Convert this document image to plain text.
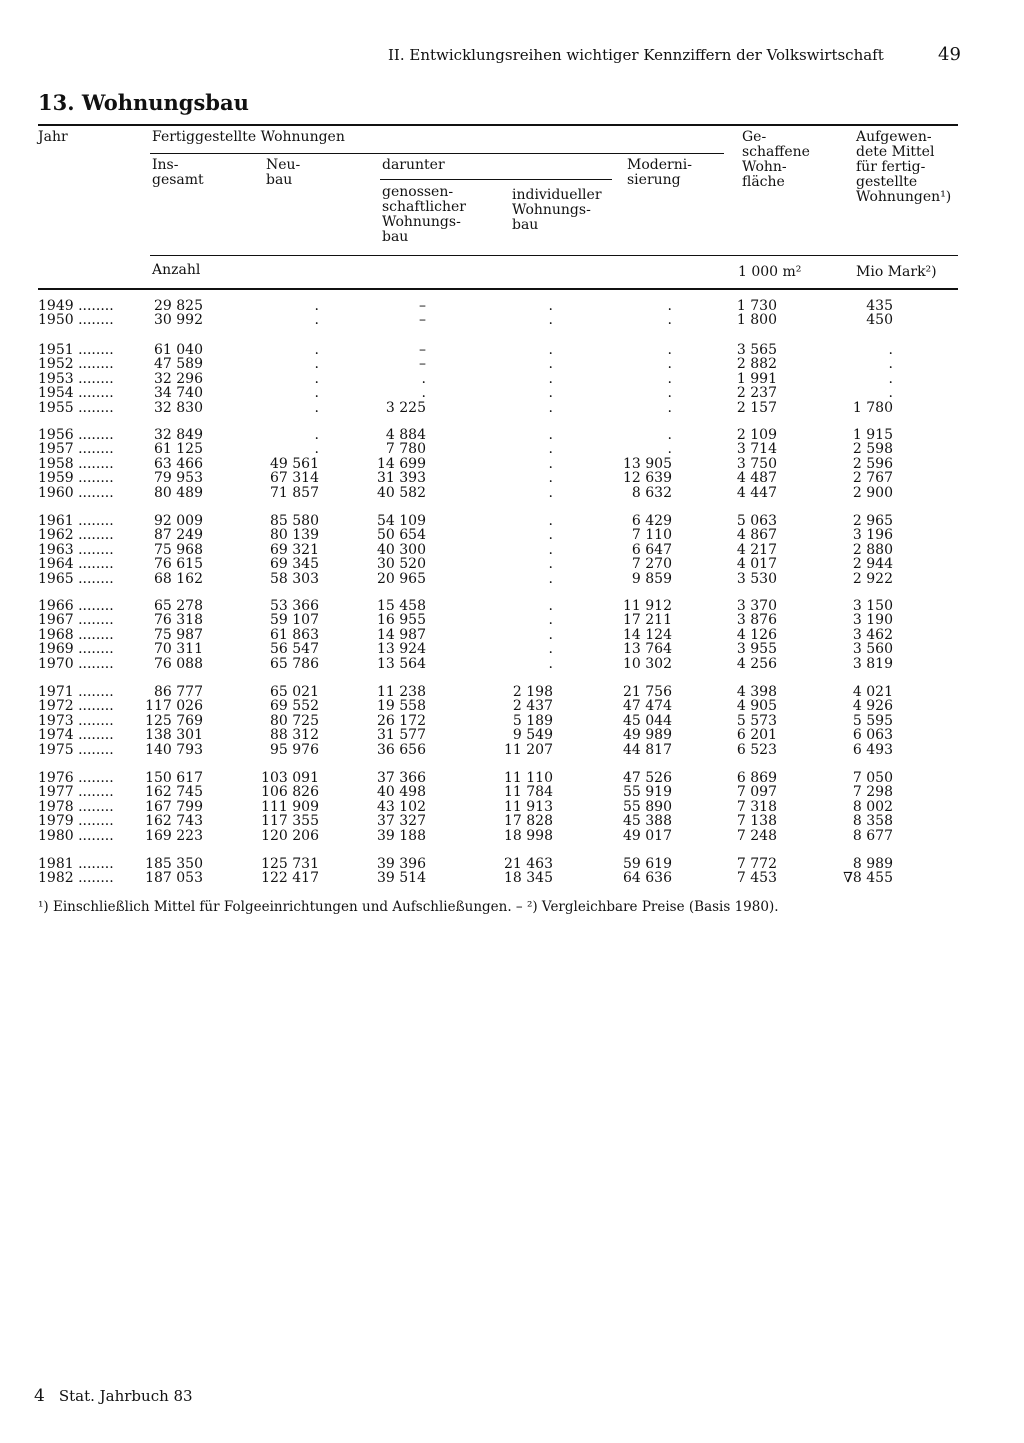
II. Entwicklungsreihen wichtiger Kennziffern der Volkswirtschaft	49
13. Wohnungsbau
Jahr	Fertiggestellte Wohnungen
Ins-
gesamt
Neu-
bau
darunter
genossen-
schaftlicher
Wohnungs-
bau
individueller
Wohnungs-
bau
Moderni-
sierung
Ge-
schaffene
Wohn-
fläche
Aufgewen-
dete Mittel
für fertig-
gestellte
Wohnungen¹)
Anzahl	1 000 m²	Mio Mark²)
1949 ........	29 825	.	–	.	.	1 730	435
1950 ........	30 992	.	–	.	.	1 800	450
1951 ........	61 040	.	–	.	.	3 565	.
1952 ........	47 589	.	–	.	.	2 882	.
1953 ........	32 296	.	.	.	.	1 991	.
1954 ........	34 740	.	.	.	.	2 237	.
1955 ........	32 830	.	3 225	.	.	2 157	1 780
1956 ........	32 849	.	4 884	.	.	2 109	1 915
1957 ........	61 125	.	7 780	.	.	3 714	2 598
1958 ........	63 466	49 561	14 699	.	13 905	3 750	2 596
1959 ........	79 953	67 314	31 393	.	12 639	4 487	2 767
1960 ........	80 489	71 857	40 582	.	8 632	4 447	2 900
1961 ........	92 009	85 580	54 109	.	6 429	5 063	2 965
1962 ........	87 249	80 139	50 654	.	7 110	4 867	3 196
1963 ........	75 968	69 321	40 300	.	6 647	4 217	2 880
1964 ........	76 615	69 345	30 520	.	7 270	4 017	2 944
1965 ........	68 162	58 303	20 965	.	9 859	3 530	2 922
1966 ........	65 278	53 366	15 458	.	11 912	3 370	3 150
1967 ........	76 318	59 107	16 955	.	17 211	3 876	3 190
1968 ........	75 987	61 863	14 987	.	14 124	4 126	3 462
1969 ........	70 311	56 547	13 924	.	13 764	3 955	3 560
1970 ........	76 088	65 786	13 564	.	10 302	4 256	3 819
1971 ........	86 777	65 021	11 238	2 198	21 756	4 398	4 021
1972 ........	117 026	69 552	19 558	2 437	47 474	4 905	4 926
1973 ........	125 769	80 725	26 172	5 189	45 044	5 573	5 595
1974 ........	138 301	88 312	31 577	9 549	49 989	6 201	6 063
1975 ........	140 793	95 976	36 656	11 207	44 817	6 523	6 493
1976 ........	150 617	103 091	37 366	11 110	47 526	6 869	7 050
1977 ........	162 745	106 826	40 498	11 784	55 919	7 097	7 298
1978 ........	167 799	111 909	43 102	11 913	55 890	7 318	8 002
1979 ........	162 743	117 355	37 327	17 828	45 388	7 138	8 358
1980 ........	169 223	120 206	39 188	18 998	49 017	7 248	8 677
1981 ........	185 350	125 731	39 396	21 463	59 619	7 772	8 989
1982 ........	187 053	122 417	39 514	18 345	64 636	7 453	∇8 455
¹) Einschließlich Mittel für Folgeeinrichtungen und Aufschließungen. – ²) Vergleichbare Preise (Basis 1980).
4 Stat. Jahrbuch 83
